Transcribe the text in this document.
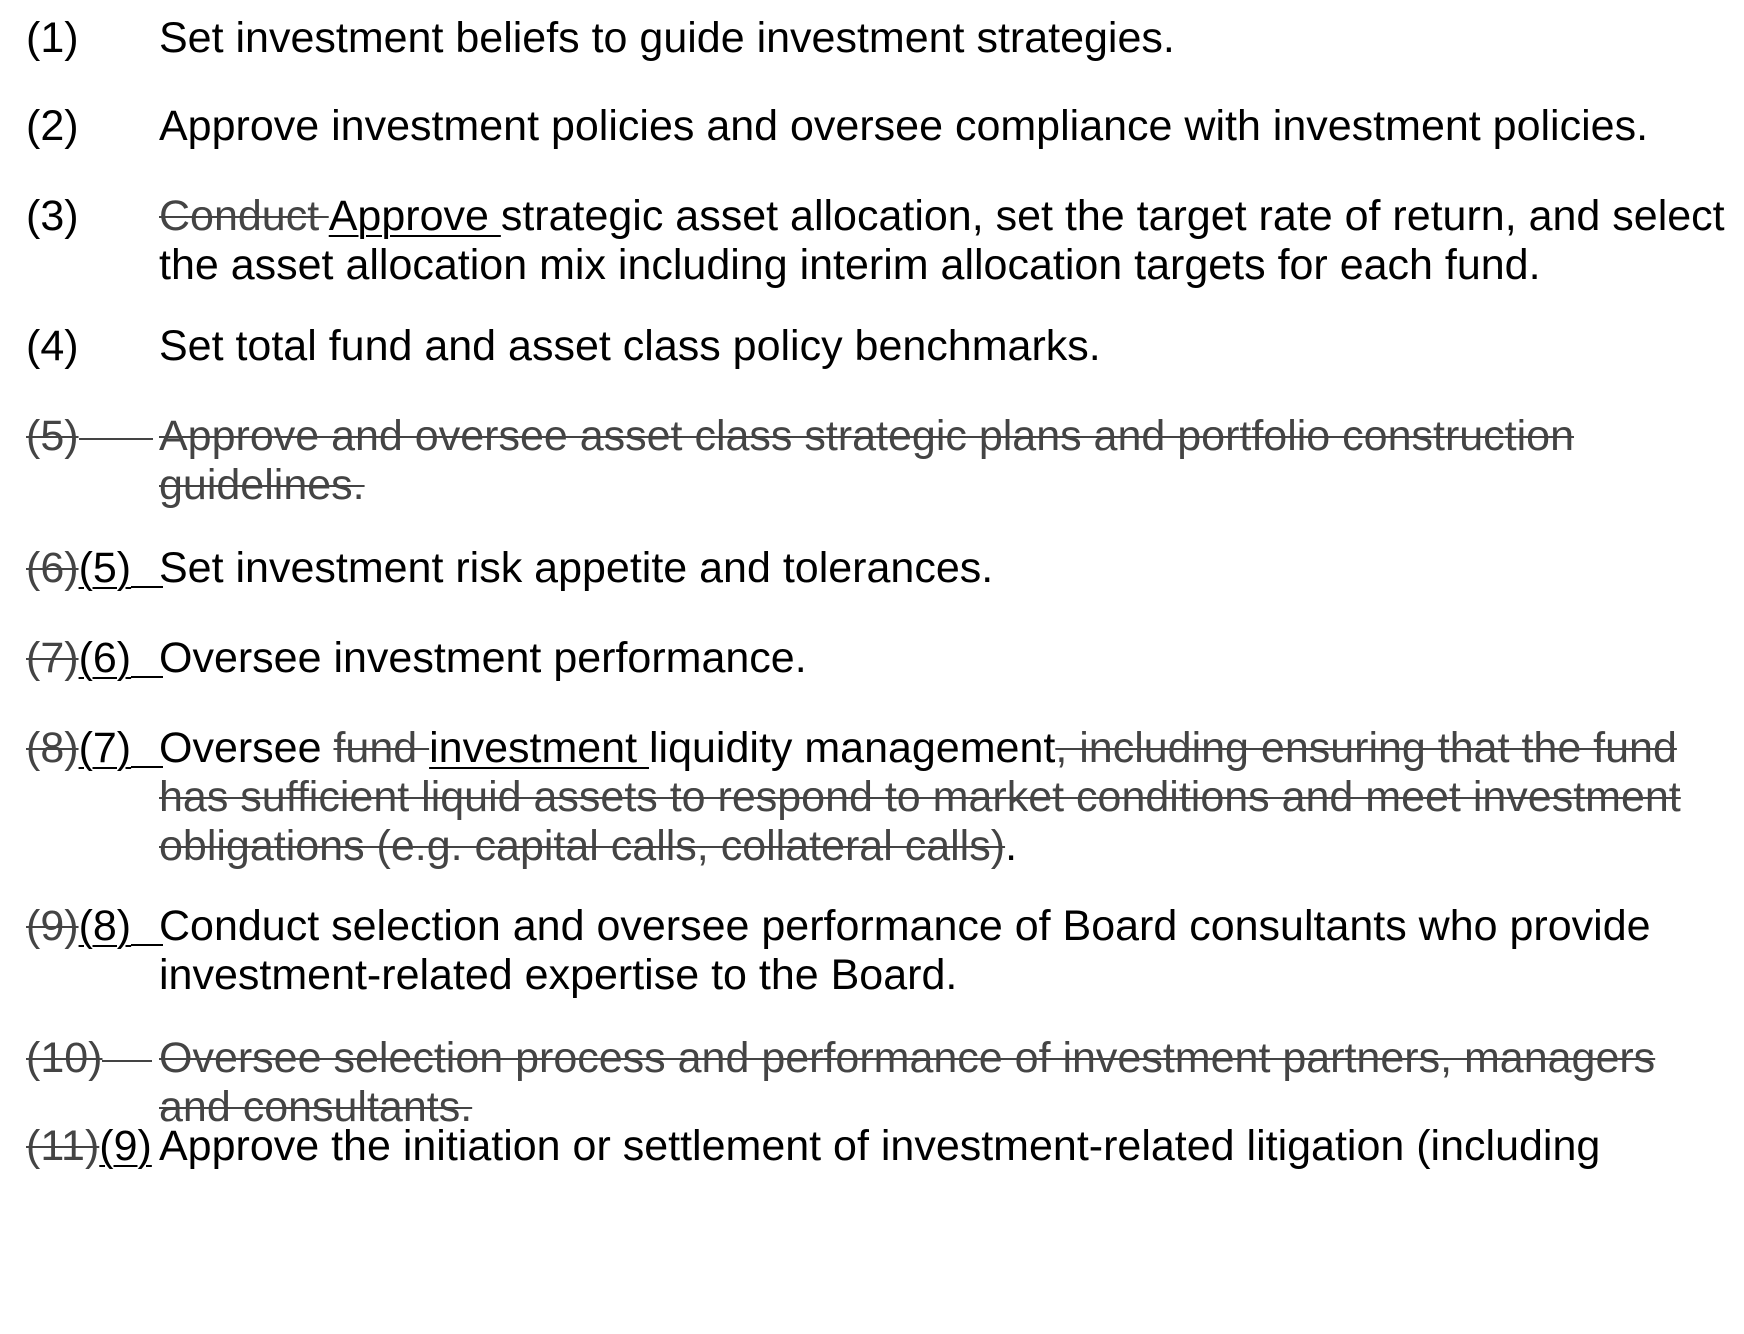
(1) Set investment beliefs to guide investment strategies.
(2) Approve investment policies and oversee compliance with investment policies.
(3) Conduct Approve strategic asset allocation, set the target rate of return, and select the asset allocation mix including interim allocation targets for each fund.
(4) Set total fund and asset class policy benchmarks.
(5)	Approve and oversee asset class strategic plans and portfolio construction guidelines.
(6)(5) Set investment risk appetite and tolerances.
(7)(6) Oversee investment performance.
(8)(7) Oversee fund investment liquidity management, including ensuring that the fund has sufficient liquid assets to respond to market conditions and meet investment obligations (e.g. capital calls, collateral calls).
(9)(8) Conduct selection and oversee performance of Board consultants who provide investment-related expertise to the Board.
(10)	Oversee selection process and performance of investment partners, managers and consultants.
(11)(9) Approve the initiation or settlement of investment-related litigation (including
